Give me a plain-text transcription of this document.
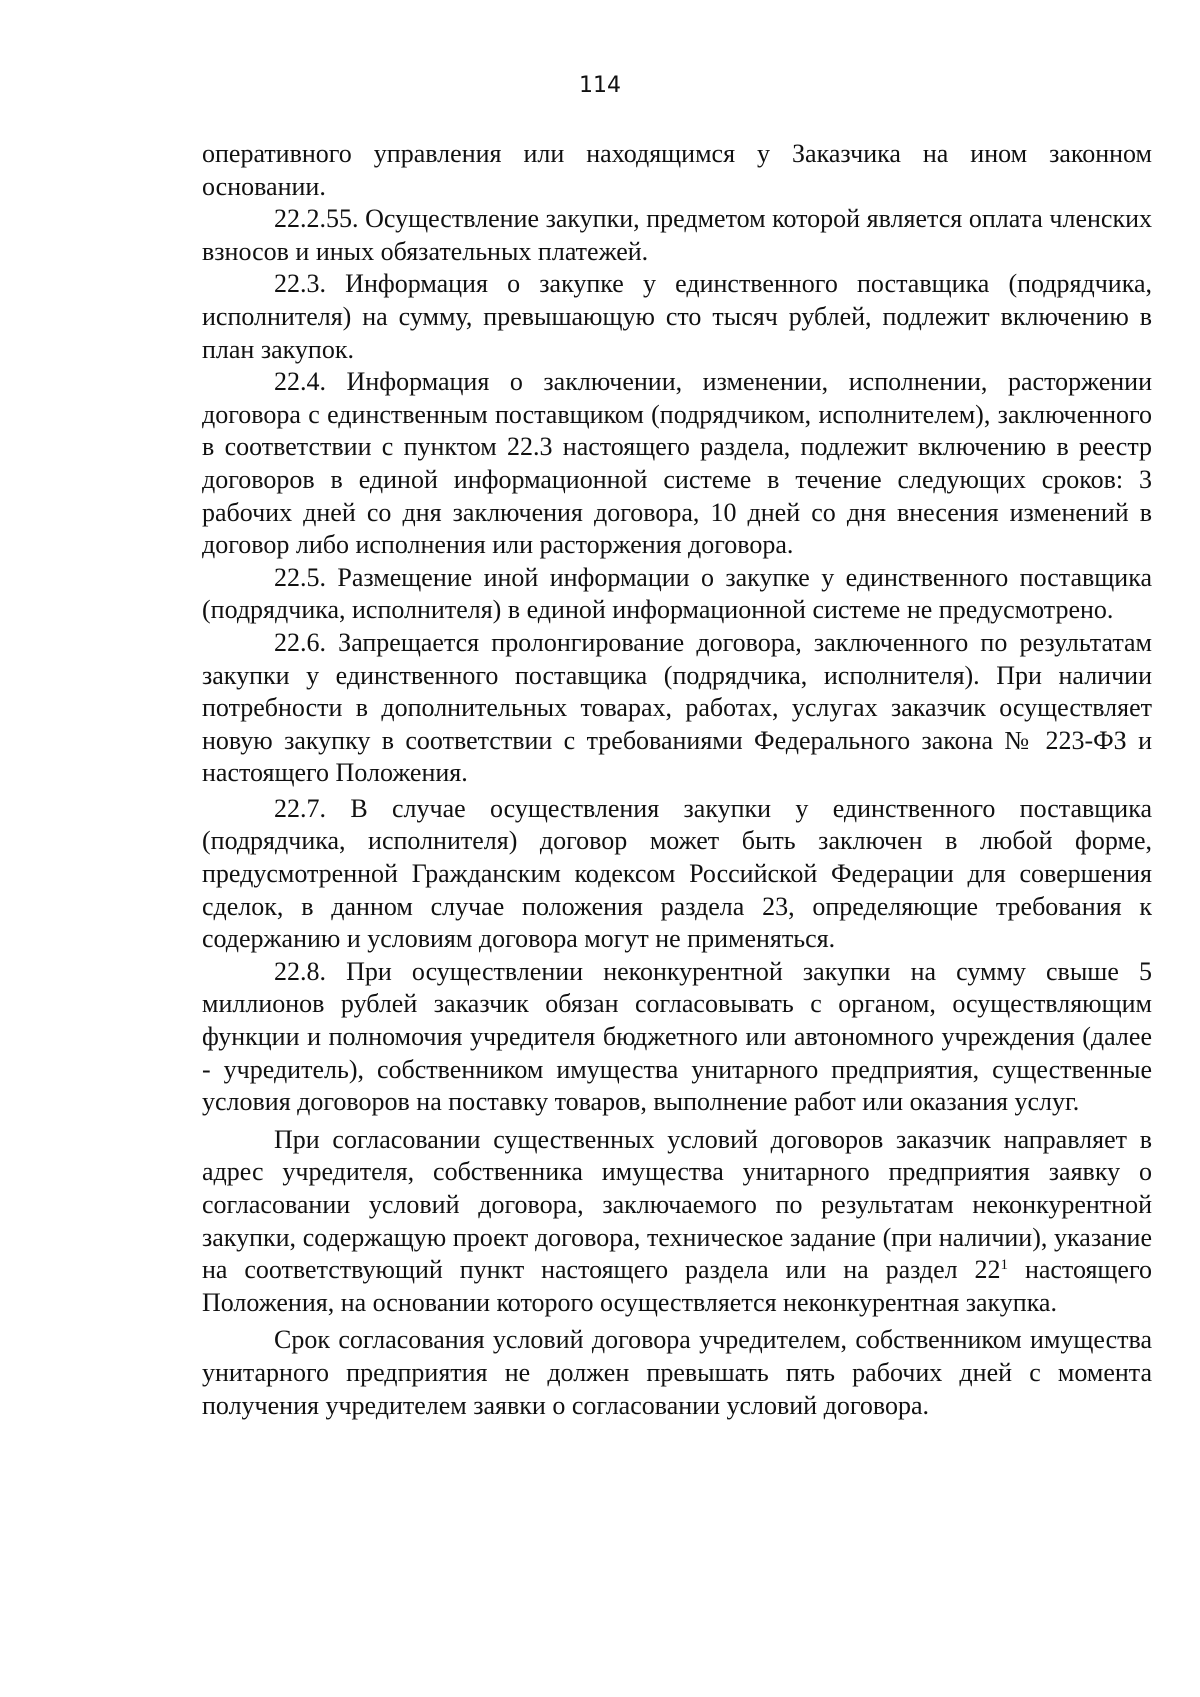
114

оперативного управления или находящимся у Заказчика на ином законном основании.

22.2.55. Осуществление закупки, предметом которой является оплата членских взносов и иных обязательных платежей.

22.3. Информация о закупке у единственного поставщика (подрядчика, исполнителя) на сумму, превышающую сто тысяч рублей, подлежит включению в план закупок.

22.4. Информация о заключении, изменении, исполнении, расторжении договора с единственным поставщиком (подрядчиком, исполнителем), заключенного в соответствии с пунктом 22.3 настоящего раздела, подлежит включению в реестр договоров в единой информационной системе в течение следующих сроков: 3 рабочих дней со дня заключения договора, 10 дней со дня внесения изменений в договор либо исполнения или расторжения договора.

22.5. Размещение иной информации о закупке у единственного поставщика (подрядчика, исполнителя) в единой информационной системе не предусмотрено.

22.6. Запрещается пролонгирование договора, заключенного по результатам закупки у единственного поставщика (подрядчика, исполнителя). При наличии потребности в дополнительных товарах, работах, услугах заказчик осуществляет новую закупку в соответствии с требованиями Федерального закона № 223-ФЗ и настоящего Положения.

22.7. В случае осуществления закупки у единственного поставщика (подрядчика, исполнителя) договор может быть заключен в любой форме, предусмотренной Гражданским кодексом Российской Федерации для совершения сделок, в данном случае положения раздела 23, определяющие требования к содержанию и условиям договора могут не применяться.

22.8. При осуществлении неконкурентной закупки на сумму свыше 5 миллионов рублей заказчик обязан согласовывать с органом, осуществляющим функции и полномочия учредителя бюджетного или автономного учреждения (далее - учредитель), собственником имущества унитарного предприятия, существенные условия договоров на поставку товаров, выполнение работ или оказания услуг.

При согласовании существенных условий договоров заказчик направляет в адрес учредителя, собственника имущества унитарного предприятия заявку о согласовании условий договора, заключаемого по результатам неконкурентной закупки, содержащую проект договора, техническое задание (при наличии), указание на соответствующий пункт настоящего раздела или на раздел $22^1$ настоящего Положения, на основании которого осуществляется неконкурентная закупка.

Срок согласования условий договора учредителем, собственником имущества унитарного предприятия не должен превышать пять рабочих дней с момента получения учредителем заявки о согласовании условий договора.
